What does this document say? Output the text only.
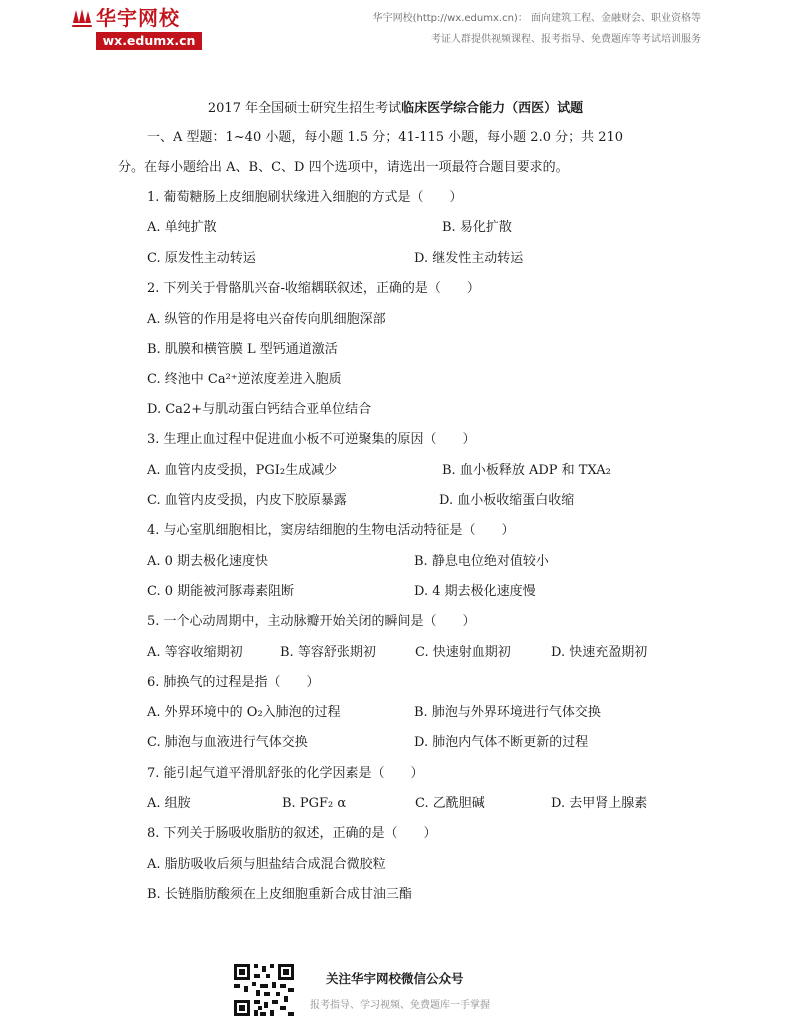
华宇网校
wx.edumx.cn
华宇网校(http://wx.edumx.cn)： 面向建筑工程、金融财会、职业资格等
考证人群提供视频课程、报考指导、免费题库等考试培训服务
2017 年全国硕士研究生招生考试临床医学综合能力（西医）试题
一、A 型题：1~40 小题，每小题 1.5 分；41-115 小题，每小题 2.0 分；共 210
分。在每小题给出 A、B、C、D 四个选项中，请选出一项最符合题目要求的。
1. 葡萄糖肠上皮细胞刷状缘进入细胞的方式是（　　）
A. 单纯扩散	B. 易化扩散
C. 原发性主动转运	D. 继发性主动转运
2. 下列关于骨骼肌兴奋-收缩耦联叙述，正确的是（　　）
A. 纵管的作用是将电兴奋传向肌细胞深部
B. 肌膜和横管膜 L 型钙通道激活
C. 终池中 Ca²⁺逆浓度差进入胞质
D. Ca2+与肌动蛋白钙结合亚单位结合
3. 生理止血过程中促进血小板不可逆聚集的原因（　　）
A. 血管内皮受损，PGI₂生成减少	B. 血小板释放 ADP 和 TXA₂
C. 血管内皮受损，内皮下胶原暴露	D. 血小板收缩蛋白收缩
4. 与心室肌细胞相比，窦房结细胞的生物电活动特征是（　　）
A. 0 期去极化速度快	B. 静息电位绝对值较小
C. 0 期能被河豚毒素阻断	D. 4 期去极化速度慢
5. 一个心动周期中，主动脉瓣开始关闭的瞬间是（　　）
A. 等容收缩期初	B. 等容舒张期初	C. 快速射血期初	D. 快速充盈期初
6. 肺换气的过程是指（　　）
A. 外界环境中的 O₂入肺泡的过程	B. 肺泡与外界环境进行气体交换
C. 肺泡与血液进行气体交换	D. 肺泡内气体不断更新的过程
7. 能引起气道平滑肌舒张的化学因素是（　　）
A. 组胺	B. PGF₂ α	C. 乙酰胆碱	D. 去甲肾上腺素
8. 下列关于肠吸收脂肪的叙述，正确的是（　　）
A. 脂肪吸收后须与胆盐结合成混合微胶粒
B. 长链脂肪酸须在上皮细胞重新合成甘油三酯
关注华宇网校微信公众号
报考指导、学习视频、免费题库一手掌握
